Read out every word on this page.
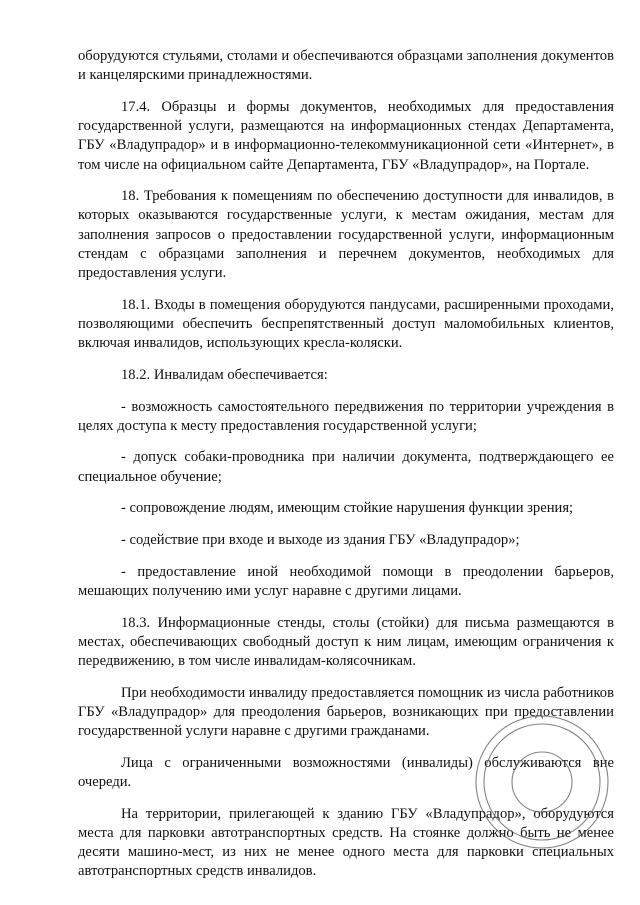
оборудуются стульями, столами и обеспечиваются образцами заполнения документов и канцелярскими принадлежностями.

17.4. Образцы и формы документов, необходимых для предоставления государственной услуги, размещаются на информационных стендах Департамента, ГБУ «Владупрадор» и в информационно-телекоммуникационной сети «Интернет», в том числе на официальном сайте Департамента, ГБУ «Владупрадор», на Портале.

18. Требования к помещениям по обеспечению доступности для инвалидов, в которых оказываются государственные услуги, к местам ожидания, местам для заполнения запросов о предоставлении государственной услуги, информационным стендам с образцами заполнения и перечнем документов, необходимых для предоставления услуги.

18.1. Входы в помещения оборудуются пандусами, расширенными проходами, позволяющими обеспечить беспрепятственный доступ маломобильных клиентов, включая инвалидов, использующих кресла-коляски.

18.2. Инвалидам обеспечивается:

- возможность самостоятельного передвижения по территории учреждения в целях доступа к месту предоставления государственной услуги;

- допуск собаки-проводника при наличии документа, подтверждающего ее специальное обучение;

- сопровождение людям, имеющим стойкие нарушения функции зрения;

- содействие при входе и выходе из здания ГБУ «Владупрадор»;

- предоставление иной необходимой помощи в преодолении барьеров, мешающих получению ими услуг наравне с другими лицами.

18.3. Информационные стенды, столы (стойки) для письма размещаются в местах, обеспечивающих свободный доступ к ним лицам, имеющим ограничения к передвижению, в том числе инвалидам-колясочникам.

При необходимости инвалиду предоставляется помощник из числа работников ГБУ «Владупрадор» для преодоления барьеров, возникающих при предоставлении государственной услуги наравне с другими гражданами.

Лица с ограниченными возможностями (инвалиды) обслуживаются вне очереди.

На территории, прилегающей к зданию ГБУ «Владупрадор», оборудуются места для парковки автотранспортных средств. На стоянке должно быть не менее десяти машино-мест, из них не менее одного места для парковки специальных автотранспортных средств инвалидов.
